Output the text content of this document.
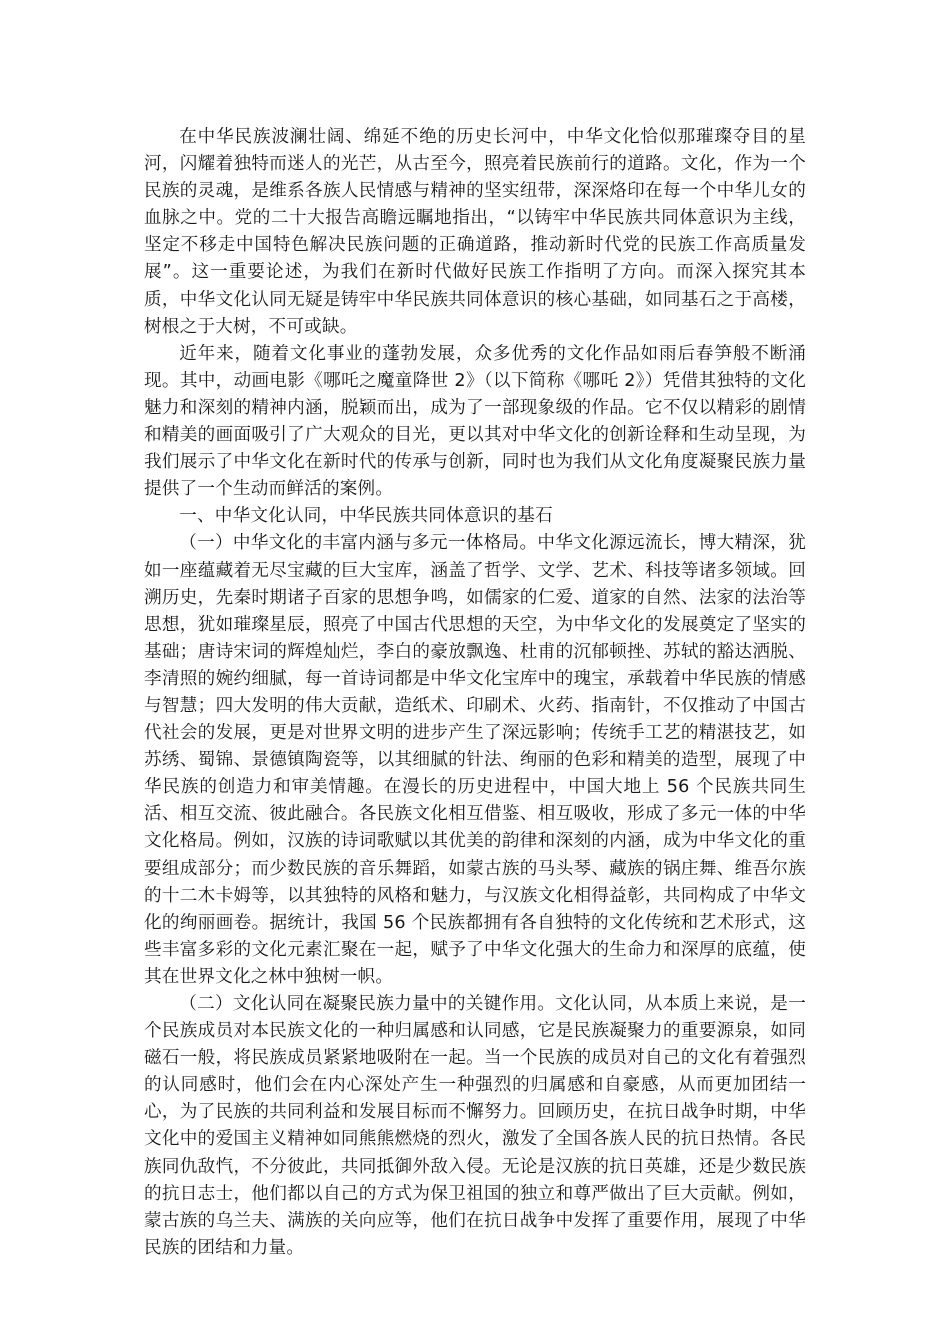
在中华民族波澜壮阔、绵延不绝的历史长河中，中华文化恰似那璀璨夺目的星河，闪耀着独特而迷人的光芒，从古至今，照亮着民族前行的道路。文化，作为一个民族的灵魂，是维系各族人民情感与精神的坚实纽带，深深烙印在每一个中华儿女的血脉之中。党的二十大报告高瞻远瞩地指出，“以铸牢中华民族共同体意识为主线，坚定不移走中国特色解决民族问题的正确道路，推动新时代党的民族工作高质量发展”。这一重要论述，为我们在新时代做好民族工作指明了方向。而深入探究其本质，中华文化认同无疑是铸牢中华民族共同体意识的核心基础，如同基石之于高楼，树根之于大树，不可或缺。

近年来，随着文化事业的蓬勃发展，众多优秀的文化作品如雨后春笋般不断涌现。其中，动画电影《哪吒之魔童降世 2》（以下简称《哪吒 2》）凭借其独特的文化魅力和深刻的精神内涵，脱颖而出，成为了一部现象级的作品。它不仅以精彩的剧情和精美的画面吸引了广大观众的目光，更以其对中华文化的创新诠释和生动呈现，为我们展示了中华文化在新时代的传承与创新，同时也为我们从文化角度凝聚民族力量提供了一个生动而鲜活的案例。

一、中华文化认同，中华民族共同体意识的基石

（一）中华文化的丰富内涵与多元一体格局。中华文化源远流长，博大精深，犹如一座蕴藏着无尽宝藏的巨大宝库，涵盖了哲学、文学、艺术、科技等诸多领域。回溯历史，先秦时期诸子百家的思想争鸣，如儒家的仁爱、道家的自然、法家的法治等思想，犹如璀璨星辰，照亮了中国古代思想的天空，为中华文化的发展奠定了坚实的基础；唐诗宋词的辉煌灿烂，李白的豪放飘逸、杜甫的沉郁顿挫、苏轼的豁达洒脱、李清照的婉约细腻，每一首诗词都是中华文化宝库中的瑰宝，承载着中华民族的情感与智慧；四大发明的伟大贡献，造纸术、印刷术、火药、指南针，不仅推动了中国古代社会的发展，更是对世界文明的进步产生了深远影响；传统手工艺的精湛技艺，如苏绣、蜀锦、景德镇陶瓷等，以其细腻的针法、绚丽的色彩和精美的造型，展现了中华民族的创造力和审美情趣。在漫长的历史进程中，中国大地上 56 个民族共同生活、相互交流、彼此融合。各民族文化相互借鉴、相互吸收，形成了多元一体的中华文化格局。例如，汉族的诗词歌赋以其优美的韵律和深刻的内涵，成为中华文化的重要组成部分；而少数民族的音乐舞蹈，如蒙古族的马头琴、藏族的锅庄舞、维吾尔族的十二木卡姆等，以其独特的风格和魅力，与汉族文化相得益彰，共同构成了中华文化的绚丽画卷。据统计，我国 56 个民族都拥有各自独特的文化传统和艺术形式，这些丰富多彩的文化元素汇聚在一起，赋予了中华文化强大的生命力和深厚的底蕴，使其在世界文化之林中独树一帜。

（二）文化认同在凝聚民族力量中的关键作用。文化认同，从本质上来说，是一个民族成员对本民族文化的一种归属感和认同感，它是民族凝聚力的重要源泉，如同磁石一般，将民族成员紧紧地吸附在一起。当一个民族的成员对自己的文化有着强烈的认同感时，他们会在内心深处产生一种强烈的归属感和自豪感，从而更加团结一心，为了民族的共同利益和发展目标而不懈努力。回顾历史，在抗日战争时期，中华文化中的爱国主义精神如同熊熊燃烧的烈火，激发了全国各族人民的抗日热情。各民族同仇敌忾，不分彼此，共同抵御外敌入侵。无论是汉族的抗日英雄，还是少数民族的抗日志士，他们都以自己的方式为保卫祖国的独立和尊严做出了巨大贡献。例如，蒙古族的乌兰夫、满族的关向应等，他们在抗日战争中发挥了重要作用，展现了中华民族的团结和力量。
